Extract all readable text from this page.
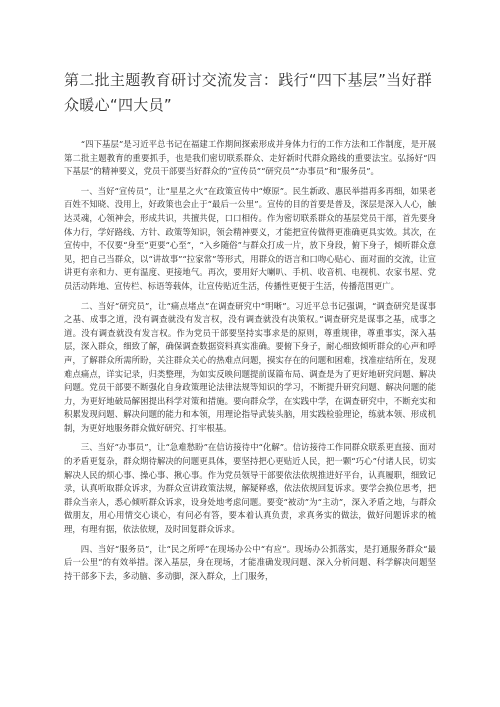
第二批主题教育研讨交流发言：践行“四下基层”当好群众暖心“四大员”

“四下基层”是习近平总书记在福建工作期间探索形成并身体力行的工作方法和工作制度，是开展第二批主题教育的重要抓手，也是我们密切联系群众、走好新时代群众路线的重要法宝。弘扬好“四下基层”的精神要义，党员干部要当好群众的“宣传员”“研究员”“办事员”和“服务员”。

一、当好“宣传员”，让“星星之火”在政策宣传中“燎原”。民生新政、惠民举措再多再细，如果老百姓不知晓、没用上，好政策也会止于“最后一公里”。宣传的目的首要是普及，深层是深入人心，触达灵魂，心领神会，形成共识，共擅共促，口口相传。作为密切联系群众的基层党员干部，首先要身体力行，学好路线、方针、政策等知识，领会精神要义，才能把宣传做得更准确更具实效。其次，在宣传中，不仅要“身至”更要“心至”，“入乡随俗”与群众打成一片，放下身段，俯下身子，倾听群众意见，把自己当群众，以“讲故事”“拉家常”等形式，用群众的语言和口吻心贴心、面对面的交流，让宣讲更有亲和力、更有温度、更接地气。再次，要用好大喇叭、手机、收音机、电视机、农家书屋、党员活动阵地、宣传栏、标语等载体，让宣传贴近生活，传播性更便于生活，传播范围更广。

二、当好“研究员”，让“痛点堵点”在调查研究中“明晰”。习近平总书记强调，“调查研究是谋事之基、成事之道，没有调查就没有发言权，没有调查就没有决策权。”调查研究是谋事之基，成事之道。没有调查就没有发言权。作为党员干部要坚持实事求是的原则，尊重规律，尊重事实，深入基层，深入群众，细致了解，确保调查数据资料真实准确。要俯下身子，耐心细致倾听群众的心声和呼声，了解群众所需所盼，关注群众关心的热难点问题，摸实存在的问题和困难，找准症结所在，发现难点痛点，详实记录，归类整理，为如实反映问题提前谋篇布局、调查是为了更好地研究问题、解决问题。党员干部要不断强化自身政策理论法律法规等知识的学习，不断提升研究问题、解决问题的能力，为更好地破局解困提出科学对策和措施。要向群众学，在实践中学，在调查研究中，不断充实和积累发现问题、解决问题的能力和本领，用理论指导武装头脑，用实践检验理论，练就本领、形成机制，为更好地服务群众做好研究、打牢根基。

三、当好“办事员”，让“急难愁盼”在信访接待中“化解”。信访接待工作同群众联系更直接、面对的矛盾更复杂，群众期待解决的问题更具体，要坚持把心更贴近人民，把一颗“巧心”付诸人民，切实解决人民的烦心事、操心事、揪心事。作为党员领导干部要依法依规推进好平台，认真履职，细致记录，认真听取群众诉求，为群众宣讲政策法规，解疑释惑，依法依规回复诉求。要学会换位思考，把群众当亲人，悉心倾听群众诉求，设身处地考虑问题。要变“被动”为“主动”，深入矛盾之地，与群众做朋友，用心用情交心谈心，有问必有答，要本着认真负责，求真务实的做法，做好问题诉求的梳理，有理有据，依法依规，及时回复群众诉求。

四、当好“服务员”，让“民之所呼”在现场办公中“有应”。现场办公抓落实，是打通服务群众“最后一公里”的有效举措。深入基层，身在现场，才能准确发现问题、深入分析问题、科学解决问题坚持干部多下去，多动脑、多动脚，深入群众，上门服务，
